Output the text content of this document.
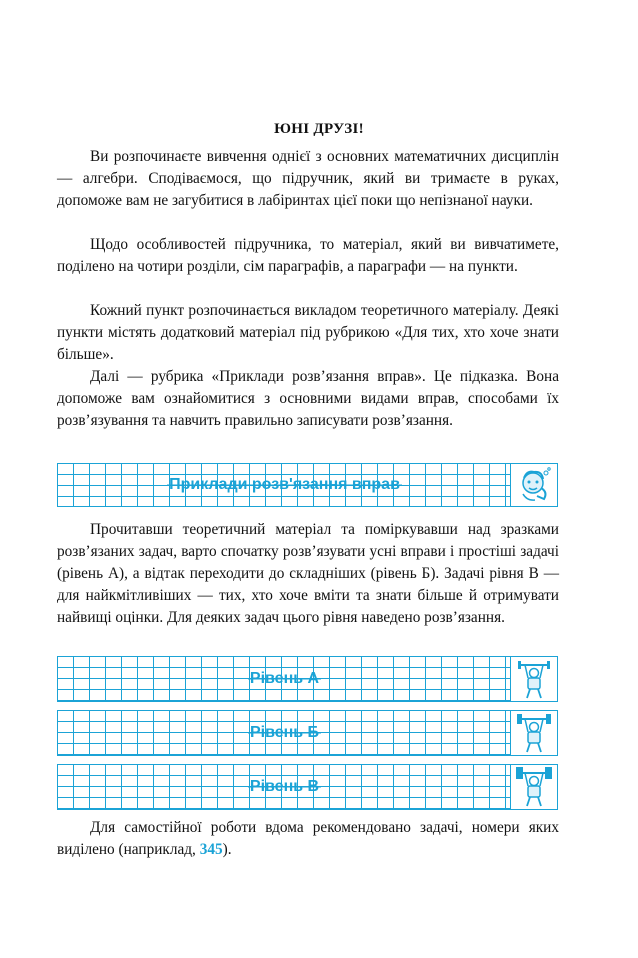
ЮНІ ДРУЗІ!

Ви розпочинаєте вивчення однієї з основних математичних дисциплін — алгебри. Сподіваємося, що підручник, який ви тримаєте в руках, допоможе вам не загубитися в лабіринтах цієї поки що непізнаної науки.

Щодо особливостей підручника, то матеріал, який ви вивчатимете, поділено на чотири розділи, сім параграфів, а параграфи — на пункти.

Кожний пункт розпочинається викладом теоретичного матеріалу. Деякі пункти містять додатковий матеріал під рубрикою «Для тих, хто хоче знати більше».

Далі — рубрика «Приклади розв’язання вправ». Це підказка. Вона допоможе вам ознайомитися з основними видами вправ, способами їх розв’язування та навчить правильно записувати розв’язання.

Приклади розв'язання вправ

Прочитавши теоретичний матеріал та поміркувавши над зразками розв’язаних задач, варто спочатку розв’язувати усні вправи і простіші задачі (рівень А), а відтак переходити до складніших (рівень Б). Задачі рівня В — для найкмітливіших — тих, хто хоче вміти та знати більше й отримувати найвищі оцінки. Для деяких задач цього рівня наведено розв’язання.

Рівень А
Рівень Б
Рівень В

Для самостійної роботи вдома рекомендовано задачі, номери яких виділено (наприклад, 345).
